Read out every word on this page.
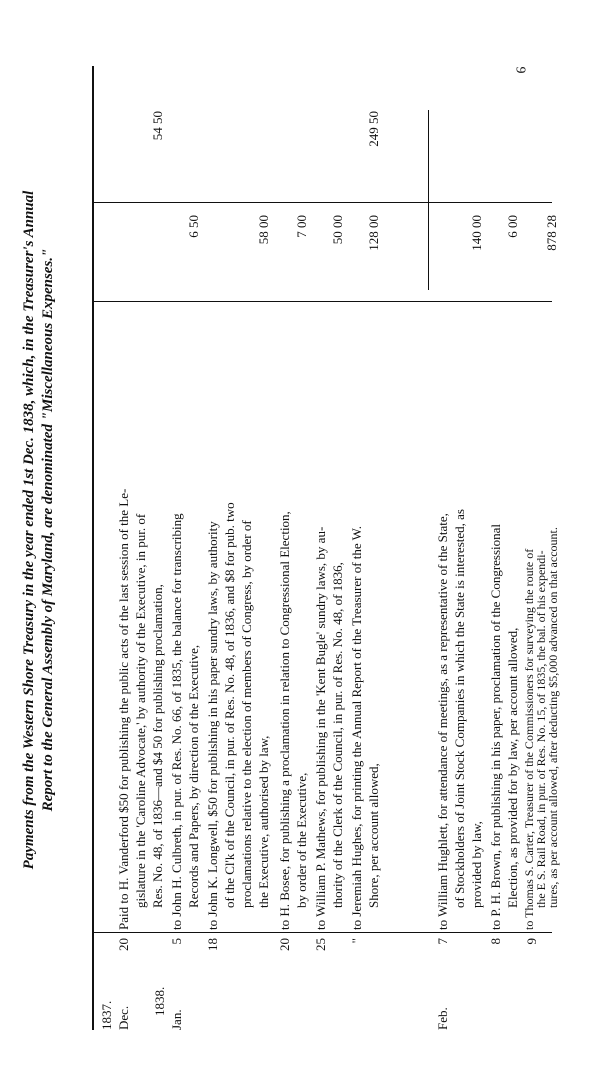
9
Payments from the Western Shore Treasury in the year ended 1st Dec. 1838, which, in the Treasurer's Annual Report to the General Assembly of Maryland, are denominated "Miscellaneous Expenses."
1837. Dec.
20
Paid to H. Vanderford $50 for publishing the public acts of the last session of the Le- gislature in the 'Caroline Advocate,' by authority of the Executive, in pur. of Res. No. 48, of 1836—and $4 50 for publishing proclamation,
54 50
1838.
Jan.
5
to John H. Culbreth, in pur. of Res. No. 66, of 1835, the balance for transcribing Records and Papers, by direction of the Executive,
6 50
18
to John K. Longwell, $50 for publishing in his paper sundry laws, by authority of the Cl'k of the Council, in pur. of Res. No. 48, of 1836, and $8 for pub. two proclamations relative to the election of members of Congress, by order of the Executive, authorised by law,
58 00
20
to H. Bosee, for publishing a proclamation in relation to Congressional Election, by order of the Executive,
7 00
25
to William P. Mathews, for publishing in the 'Kent Bugle' sundry laws, by au- thority of the Clerk of the Council, in pur. of Res. No. 48, of 1836,
50 00
"
to Jeremiah Hughes, for printing the Annual Report of the Treasurer of the W. Shore, per account allowed,
128 00
249 50
Feb.
7
to William Hughlett, for attendance of meetings, as a representative of the State, of Stockholders of Joint Stock Companies in which the State is interested, as provided by law,
140 00
8
to P. H. Brown, for publishing in his paper, proclamation of the Congressional Election, as provided for by law, per account allowed,
6 00
9
to Thomas S. Carter, Treasurer of the Commissioners for surveying the route of
the E S. Rail Road, in pur. of Res. No. 15, of 1835, the bal. of his expendi-
tures, as per account allowed, after deducting $5,000 advanced on that account.
878 28
